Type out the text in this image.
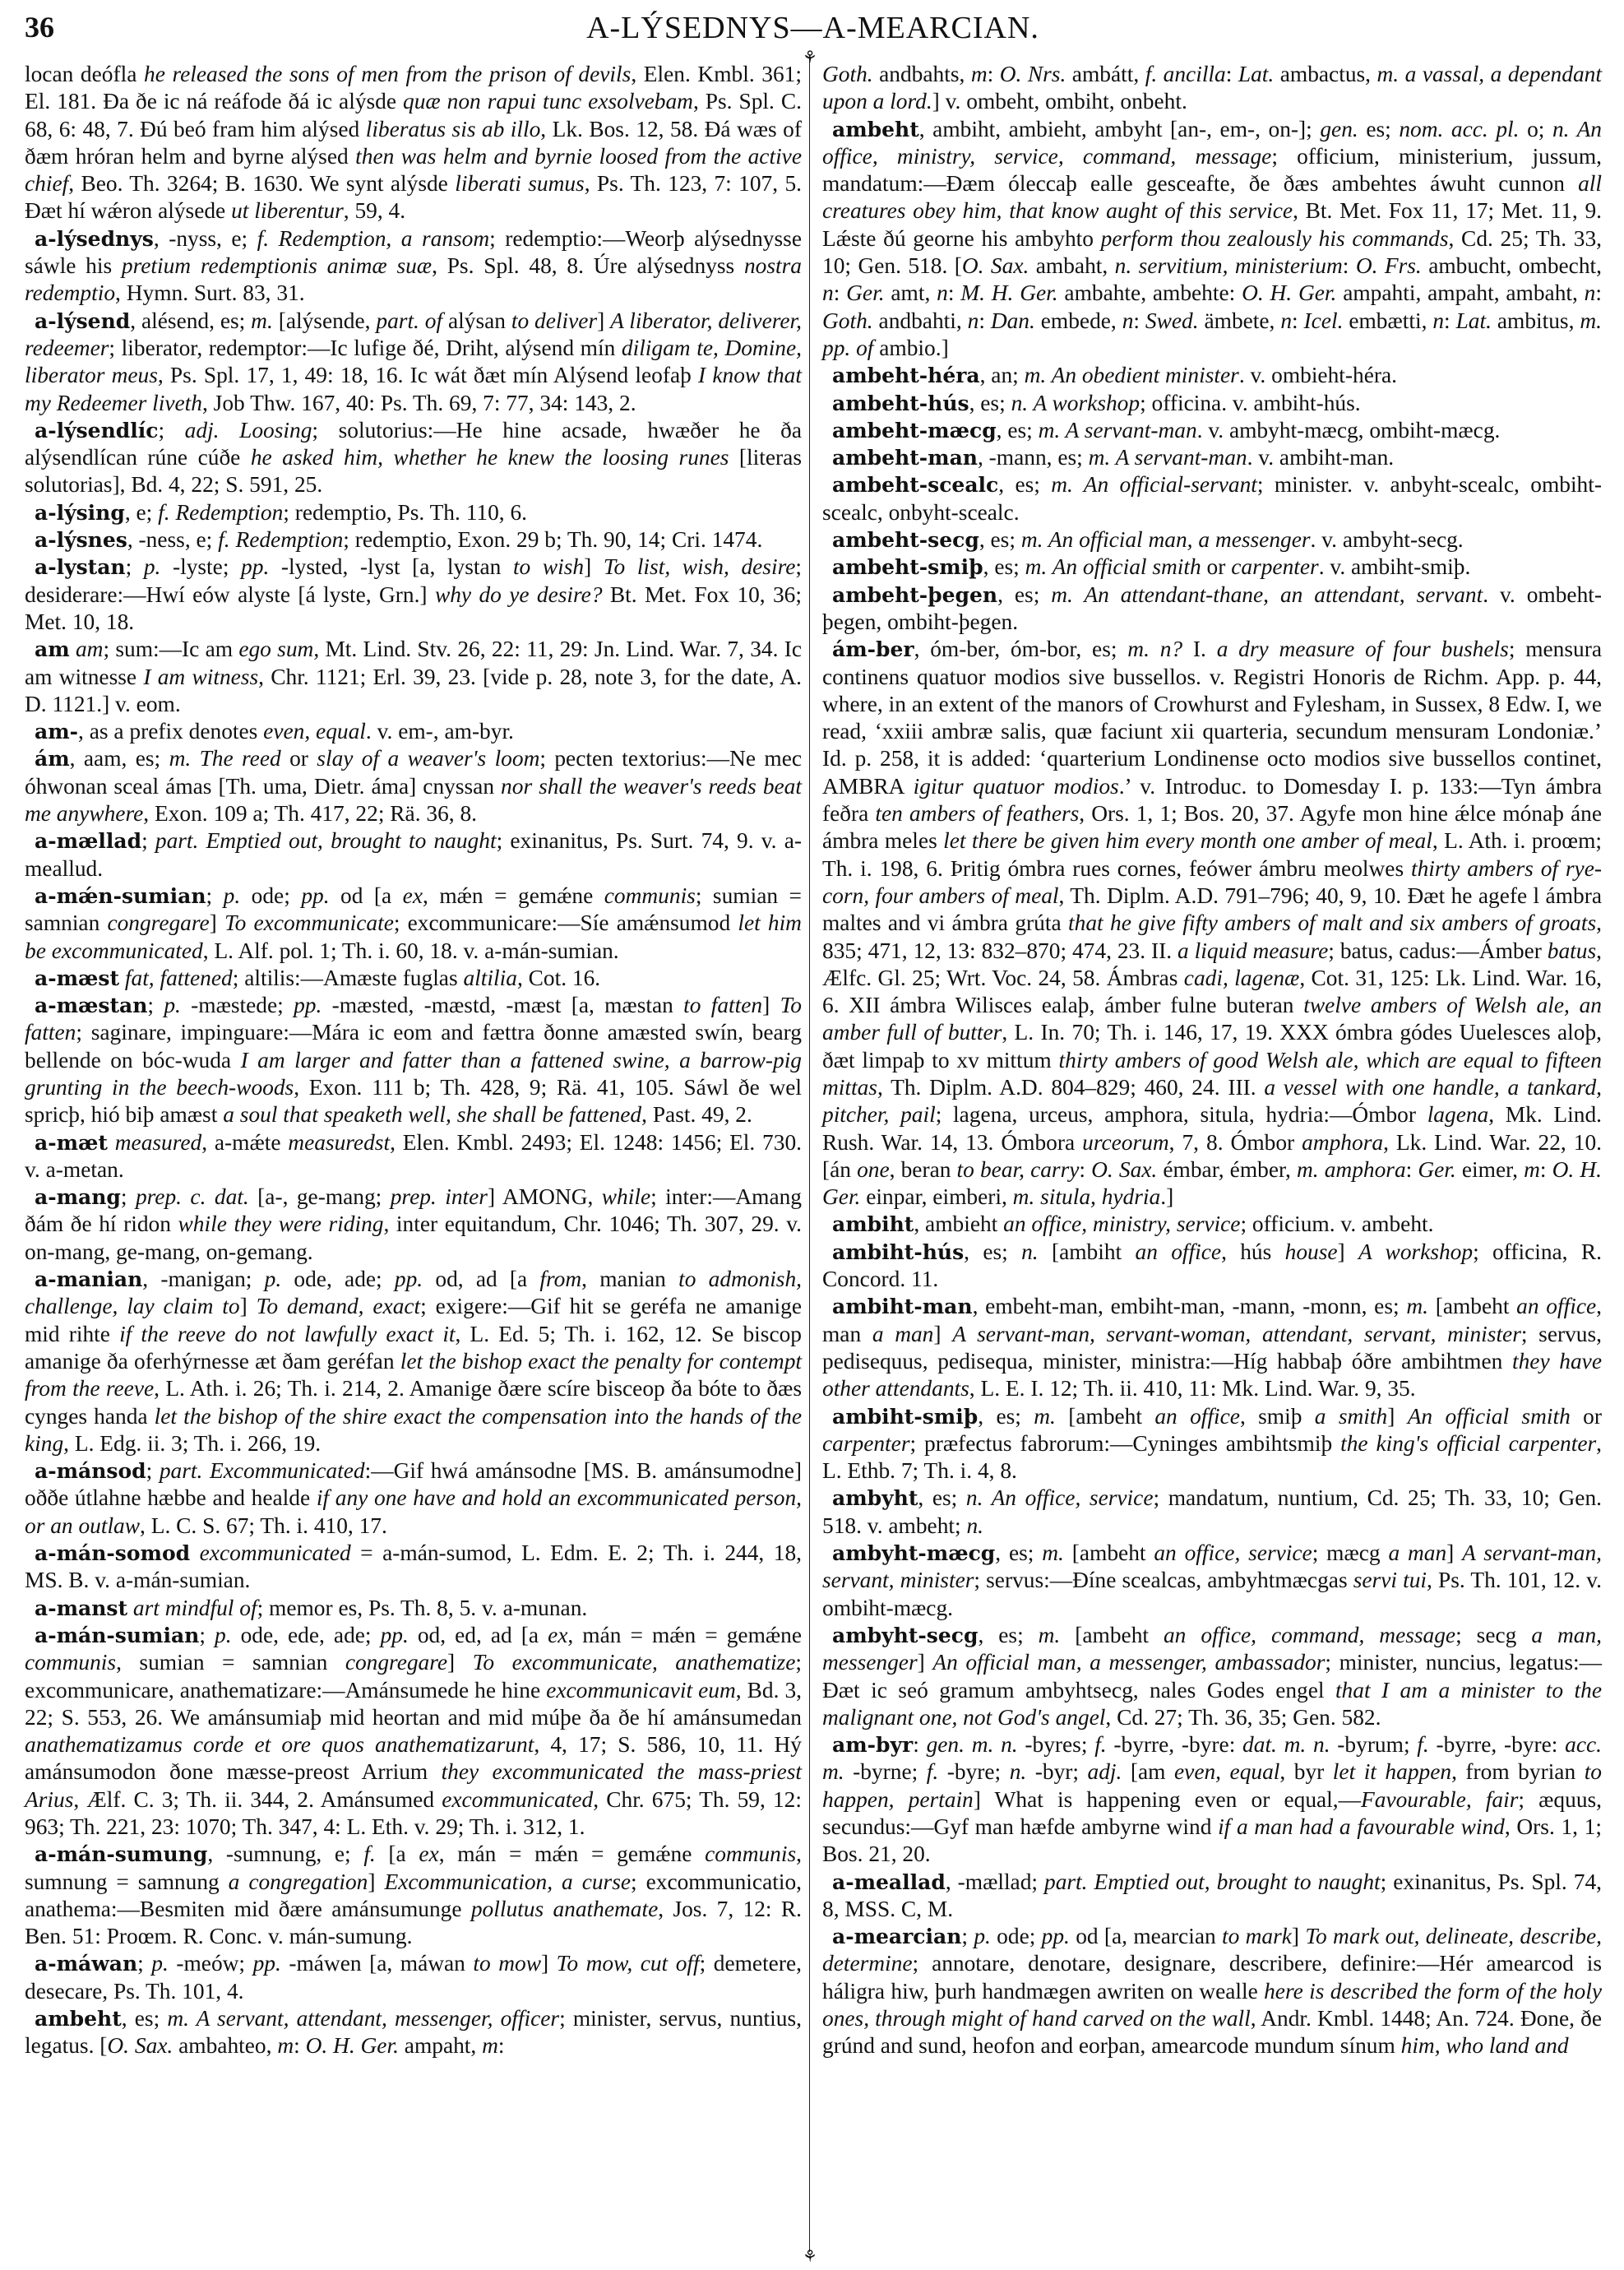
36	A-LÝSEDNYS—A-MEARCIAN.
⚘
⚘

locan deófla he released the sons of men from the prison of devils, Elen. Kmbl. 361; El. 181. Ða ðe ic ná reáfode ðá ic alýsde quæ non rapui tunc exsolvebam, Ps. Spl. C. 68, 6: 48, 7. Ðú beó fram him alýsed liberatus sis ab illo, Lk. Bos. 12, 58. Ðá wæs of ðæm hróran helm and byrne alýsed then was helm and byrnie loosed from the active chief, Beo. Th. 3264; B. 1630. We synt alýsde liberati sumus, Ps. Th. 123, 7: 107, 5. Ðæt hí wǽron alýsede ut liberentur, 59, 4.

a-lýsednys, -nyss, e; f. Redemption, a ransom; redemptio:—Weorþ alýsednysse sáwle his pretium redemptionis animæ suæ, Ps. Spl. 48, 8. Úre alýsednyss nostra redemptio, Hymn. Surt. 83, 31.

a-lýsend, alésend, es; m. [alýsende, part. of alýsan to deliver] A liberator, deliverer, redeemer; liberator, redemptor:—Ic lufige ðé, Driht, alýsend mín diligam te, Domine, liberator meus, Ps. Spl. 17, 1, 49: 18, 16. Ic wát ðæt mín Alýsend leofaþ I know that my Redeemer liveth, Job Thw. 167, 40: Ps. Th. 69, 7: 77, 34: 143, 2.

a-lýsendlíc; adj. Loosing; solutorius:—He hine acsade, hwæðer he ða alýsendlícan rúne cúðe he asked him, whether he knew the loosing runes [literas solutorias], Bd. 4, 22; S. 591, 25.

a-lýsing, e; f. Redemption; redemptio, Ps. Th. 110, 6.

a-lýsnes, -ness, e; f. Redemption; redemptio, Exon. 29 b; Th. 90, 14; Cri. 1474.

a-lystan; p. -lyste; pp. -lysted, -lyst [a, lystan to wish] To list, wish, desire; desiderare:—Hwí eów alyste [á lyste, Grn.] why do ye desire? Bt. Met. Fox 10, 36; Met. 10, 18.

am am; sum:—Ic am ego sum, Mt. Lind. Stv. 26, 22: 11, 29: Jn. Lind. War. 7, 34. Ic am witnesse I am witness, Chr. 1121; Erl. 39, 23. [vide p. 28, note 3, for the date, A. D. 1121.] v. eom.

am-, as a prefix denotes even, equal. v. em-, am-byr.

ám, aam, es; m. The reed or slay of a weaver's loom; pecten textorius:—Ne mec óhwonan sceal ámas [Th. uma, Dietr. áma] cnyssan nor shall the weaver's reeds beat me anywhere, Exon. 109 a; Th. 417, 22; Rä. 36, 8.

a-mællad; part. Emptied out, brought to naught; exinanitus, Ps. Surt. 74, 9. v. a-meallud.

a-mǽn-sumian; p. ode; pp. od [a ex, mǽn = gemǽne communis; sumian = samnian congregare] To excommunicate; excommunicare:—Síe amǽnsumod let him be excommunicated, L. Alf. pol. 1; Th. i. 60, 18. v. a-mán-sumian.

a-mæst fat, fattened; altilis:—Amæste fuglas altilia, Cot. 16.

a-mæstan; p. -mæstede; pp. -mæsted, -mæstd, -mæst [a, mæstan to fatten] To fatten; saginare, impinguare:—Mára ic eom and fættra ðonne amæsted swín, bearg bellende on bóc-wuda I am larger and fatter than a fattened swine, a barrow-pig grunting in the beech-woods, Exon. 111 b; Th. 428, 9; Rä. 41, 105. Sáwl ðe wel spricþ, hió biþ amæst a soul that speaketh well, she shall be fattened, Past. 49, 2.

a-mæt measured, a-mǽte measuredst, Elen. Kmbl. 2493; El. 1248: 1456; El. 730. v. a-metan.

a-mang; prep. c. dat. [a-, ge-mang; prep. inter] AMONG, while; inter:—Amang ðám ðe hí ridon while they were riding, inter equitandum, Chr. 1046; Th. 307, 29. v. on-mang, ge-mang, on-gemang.

a-manian, -manigan; p. ode, ade; pp. od, ad [a from, manian to admonish, challenge, lay claim to] To demand, exact; exigere:—Gif hit se geréfa ne amanige mid rihte if the reeve do not lawfully exact it, L. Ed. 5; Th. i. 162, 12. Se biscop amanige ða oferhýrnesse æt ðam geréfan let the bishop exact the penalty for contempt from the reeve, L. Ath. i. 26; Th. i. 214, 2. Amanige ðære scíre bisceop ða bóte to ðæs cynges handa let the bishop of the shire exact the compensation into the hands of the king, L. Edg. ii. 3; Th. i. 266, 19.

a-mánsod; part. Excommunicated:—Gif hwá amánsodne [MS. B. amánsumodne] oððe útlahne hæbbe and healde if any one have and hold an excommunicated person, or an outlaw, L. C. S. 67; Th. i. 410, 17.

a-mán-somod excommunicated = a-mán-sumod, L. Edm. E. 2; Th. i. 244, 18, MS. B. v. a-mán-sumian.

a-manst art mindful of; memor es, Ps. Th. 8, 5. v. a-munan.

a-mán-sumian; p. ode, ede, ade; pp. od, ed, ad [a ex, mán = mǽn = gemǽne communis, sumian = samnian congregare] To excommunicate, anathematize; excommunicare, anathematizare:—Amánsumede he hine excommunicavit eum, Bd. 3, 22; S. 553, 26. We amánsumiaþ mid heortan and mid múþe ða ðe hí amánsumedan anathematizamus corde et ore quos anathematizarunt, 4, 17; S. 586, 10, 11. Hý amánsumodon ðone mæsse-preost Arrium they excommunicated the mass-priest Arius, Ælf. C. 3; Th. ii. 344, 2. Amánsumed excommunicated, Chr. 675; Th. 59, 12: 963; Th. 221, 23: 1070; Th. 347, 4: L. Eth. v. 29; Th. i. 312, 1.

a-mán-sumung, -sumnung, e; f. [a ex, mán = mǽn = gemǽne communis, sumnung = samnung a congregation] Excommunication, a curse; excommunicatio, anathema:—Besmiten mid ðære amánsumunge pollutus anathemate, Jos. 7, 12: R. Ben. 51: Proœm. R. Conc. v. mán-sumung.

a-máwan; p. -meów; pp. -máwen [a, máwan to mow] To mow, cut off; demetere, desecare, Ps. Th. 101, 4.

ambeht, es; m. A servant, attendant, messenger, officer; minister, servus, nuntius, legatus. [O. Sax. ambahteo, m: O. H. Ger. ampaht, m:

Goth. andbahts, m: O. Nrs. ambátt, f. ancilla: Lat. ambactus, m. a vassal, a dependant upon a lord.] v. ombeht, ombiht, onbeht.

ambeht, ambiht, ambieht, ambyht [an-, em-, on-]; gen. es; nom. acc. pl. o; n. An office, ministry, service, command, message; officium, ministerium, jussum, mandatum:—Ðæm óleccaþ ealle gesceafte, ðe ðæs ambehtes áwuht cunnon all creatures obey him, that know aught of this service, Bt. Met. Fox 11, 17; Met. 11, 9. Lǽste ðú georne his ambyhto perform thou zealously his commands, Cd. 25; Th. 33, 10; Gen. 518. [O. Sax. ambaht, n. servitium, ministerium: O. Frs. ambucht, ombecht, n: Ger. amt, n: M. H. Ger. ambahte, ambehte: O. H. Ger. ampahti, ampaht, ambaht, n: Goth. andbahti, n: Dan. embede, n: Swed. ämbete, n: Icel. embætti, n: Lat. ambitus, m. pp. of ambio.]

ambeht-héra, an; m. An obedient minister. v. ombieht-héra.

ambeht-hús, es; n. A workshop; officina. v. ambiht-hús.

ambeht-mæcg, es; m. A servant-man. v. ambyht-mæcg, ombiht-mæcg.

ambeht-man, -mann, es; m. A servant-man. v. ambiht-man.

ambeht-scealc, es; m. An official-servant; minister. v. anbyht-scealc, ombiht-scealc, onbyht-scealc.

ambeht-secg, es; m. An official man, a messenger. v. ambyht-secg.

ambeht-smiþ, es; m. An official smith or carpenter. v. ambiht-smiþ.

ambeht-þegen, es; m. An attendant-thane, an attendant, servant. v. ombeht-þegen, ombiht-þegen.

ám-ber, óm-ber, óm-bor, es; m. n? I. a dry measure of four bushels; mensura continens quatuor modios sive bussellos. v. Registri Honoris de Richm. App. p. 44, where, in an extent of the manors of Crowhurst and Fylesham, in Sussex, 8 Edw. I, we read, ‘xxiii ambræ salis, quæ faciunt xii quarteria, secundum mensuram Londoniæ.’ Id. p. 258, it is added: ‘quarterium Londinense octo modios sive bussellos continet, AMBRA igitur quatuor modios.’ v. Introduc. to Domesday I. p. 133:—Tyn ámbra feðra ten ambers of feathers, Ors. 1, 1; Bos. 20, 37. Agyfe mon hine ǽlce mónaþ áne ámbra meles let there be given him every month one amber of meal, L. Ath. i. proœm; Th. i. 198, 6. Þritig ómbra rues cornes, feówer ámbru meolwes thirty ambers of rye-corn, four ambers of meal, Th. Diplm. A.D. 791–796; 40, 9, 10. Ðæt he agefe l ámbra maltes and vi ámbra grúta that he give fifty ambers of malt and six ambers of groats, 835; 471, 12, 13: 832–870; 474, 23. II. a liquid measure; batus, cadus:—Ámber batus, Ælfc. Gl. 25; Wrt. Voc. 24, 58. Ámbras cadi, lagenæ, Cot. 31, 125: Lk. Lind. War. 16, 6. XII ámbra Wilisces ealaþ, ámber fulne buteran twelve ambers of Welsh ale, an amber full of butter, L. In. 70; Th. i. 146, 17, 19. XXX ómbra gódes Uuelesces aloþ, ðæt limpaþ to xv mittum thirty ambers of good Welsh ale, which are equal to fifteen mittas, Th. Diplm. A.D. 804–829; 460, 24. III. a vessel with one handle, a tankard, pitcher, pail; lagena, urceus, amphora, situla, hydria:—Ómbor lagena, Mk. Lind. Rush. War. 14, 13. Ómbora urceorum, 7, 8. Ómbor amphora, Lk. Lind. War. 22, 10. [án one, beran to bear, carry: O. Sax. émbar, émber, m. amphora: Ger. eimer, m: O. H. Ger. einpar, eimberi, m. situla, hydria.]

ambiht, ambieht an office, ministry, service; officium. v. ambeht.

ambiht-hús, es; n. [ambiht an office, hús house] A workshop; officina, R. Concord. 11.

ambiht-man, embeht-man, embiht-man, -mann, -monn, es; m. [ambeht an office, man a man] A servant-man, servant-woman, attendant, servant, minister; servus, pedisequus, pedisequa, minister, ministra:—Híg habbaþ óðre ambihtmen they have other attendants, L. E. I. 12; Th. ii. 410, 11: Mk. Lind. War. 9, 35.

ambiht-smiþ, es; m. [ambeht an office, smiþ a smith] An official smith or carpenter; præfectus fabrorum:—Cyninges ambihtsmiþ the king's official carpenter, L. Ethb. 7; Th. i. 4, 8.

ambyht, es; n. An office, service; mandatum, nuntium, Cd. 25; Th. 33, 10; Gen. 518. v. ambeht; n.

ambyht-mæcg, es; m. [ambeht an office, service; mæcg a man] A servant-man, servant, minister; servus:—Ðíne scealcas, ambyhtmæcgas servi tui, Ps. Th. 101, 12. v. ombiht-mæcg.

ambyht-secg, es; m. [ambeht an office, command, message; secg a man, messenger] An official man, a messenger, ambassador; minister, nuncius, legatus:—Ðæt ic seó gramum ambyhtsecg, nales Godes engel that I am a minister to the malignant one, not God's angel, Cd. 27; Th. 36, 35; Gen. 582.

am-byr: gen. m. n. -byres; f. -byrre, -byre: dat. m. n. -byrum; f. -byrre, -byre: acc. m. -byrne; f. -byre; n. -byr; adj. [am even, equal, byr let it happen, from byrian to happen, pertain] What is happening even or equal,—Favourable, fair; æquus, secundus:—Gyf man hæfde ambyrne wind if a man had a favourable wind, Ors. 1, 1; Bos. 21, 20.

a-meallad, -mællad; part. Emptied out, brought to naught; exinanitus, Ps. Spl. 74, 8, MSS. C, M.

a-mearcian; p. ode; pp. od [a, mearcian to mark] To mark out, delineate, describe, determine; annotare, denotare, designare, describere, definire:—Hér amearcod is háligra hiw, þurh handmægen awriten on wealle here is described the form of the holy ones, through might of hand carved on the wall, Andr. Kmbl. 1448; An. 724. Ðone, ðe grúnd and sund, heofon and eorþan, amearcode mundum sínum him, who land and
